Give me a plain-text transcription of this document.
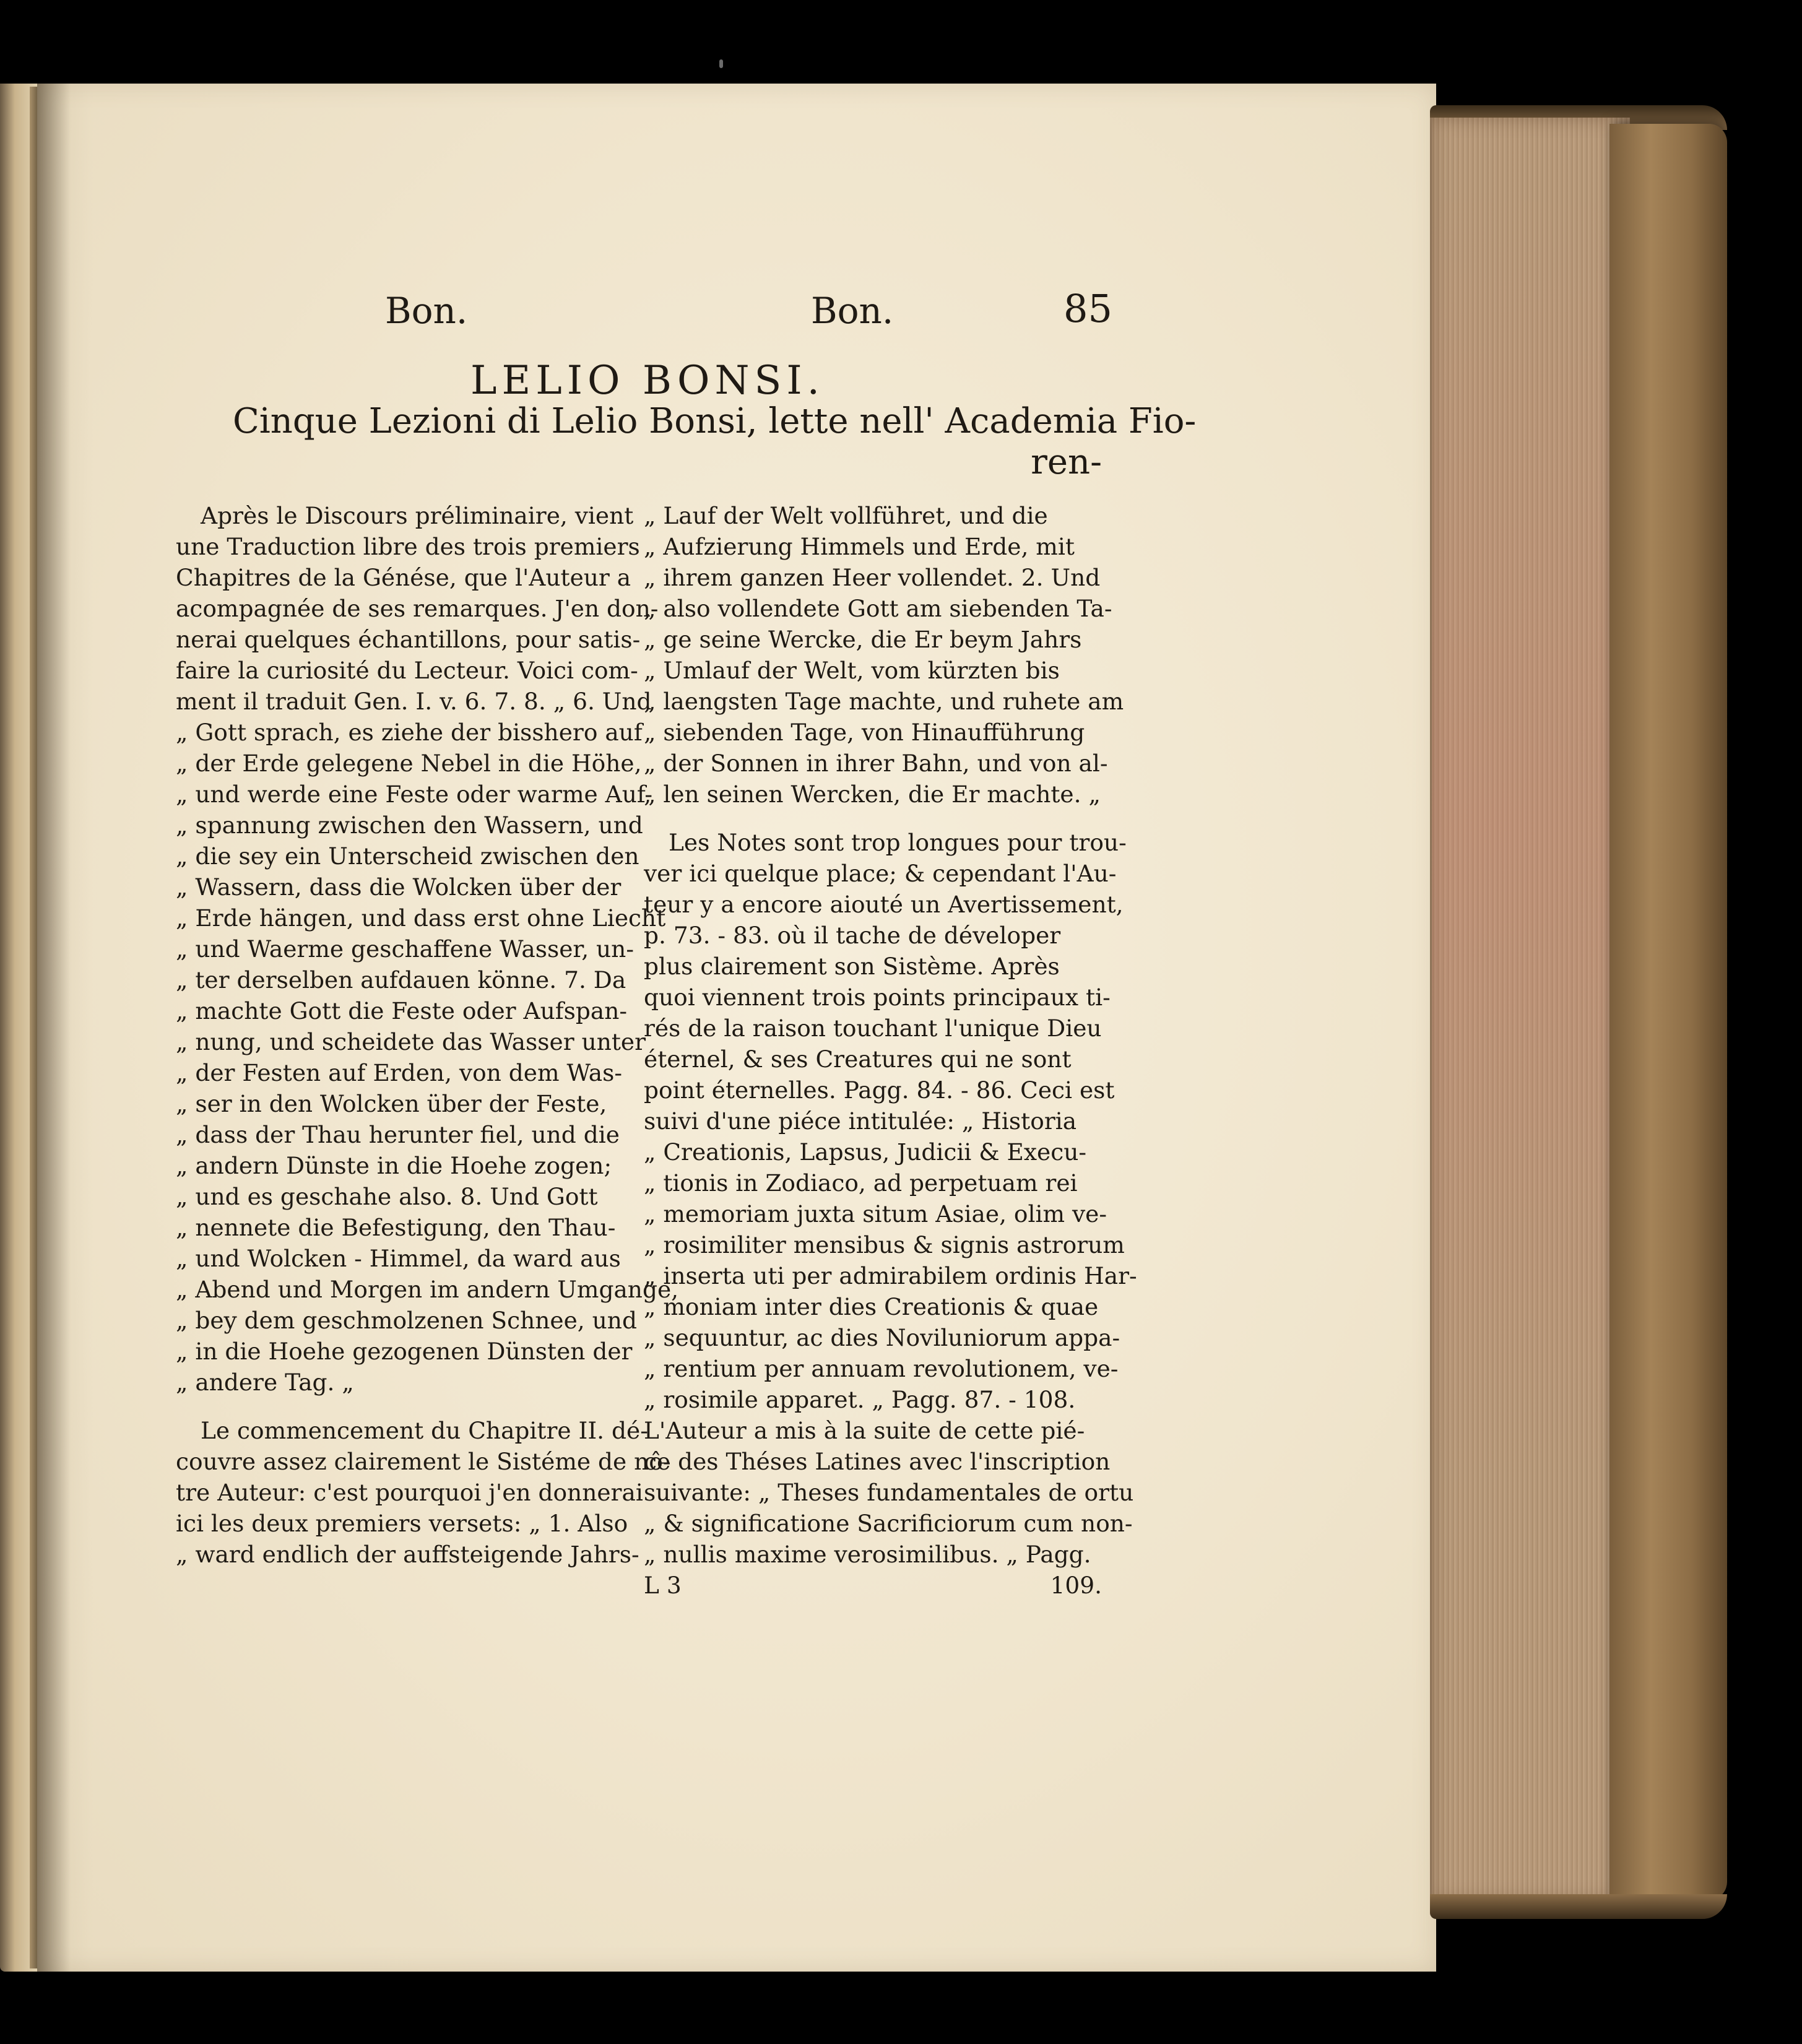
Bon.	Bon.	85
LELIO BONSI.
Cinque Lezioni di Lelio Bonsi, lette nell' Academia Fio-
ren-
Après le Discours préliminaire, vient
une Traduction libre des trois premiers
Chapitres de la Génése, que l'Auteur a
acompagnée de ses remarques. J'en don-
nerai quelques échantillons, pour satis-
faire la curiosité du Lecteur. Voici com-
ment il traduit Gen. I. v. 6. 7. 8. „ 6. Und
„ Gott sprach, es ziehe der bisshero auf
„ der Erde gelegene Nebel in die Höhe,
„ und werde eine Feste oder warme Auf-
„ spannung zwischen den Wassern, und
„ die sey ein Unterscheid zwischen den
„ Wassern, dass die Wolcken über der
„ Erde hängen, und dass erst ohne Liecht
„ und Waerme geschaffene Wasser, un-
„ ter derselben aufdauen könne. 7. Da
„ machte Gott die Feste oder Aufspan-
„ nung, und scheidete das Wasser unter
„ der Festen auf Erden, von dem Was-
„ ser in den Wolcken über der Feste,
„ dass der Thau herunter fiel, und die
„ andern Dünste in die Hoehe zogen;
„ und es geschahe also. 8. Und Gott
„ nennete die Befestigung, den Thau-
„ und Wolcken - Himmel, da ward aus
„ Abend und Morgen im andern Umgange,
„ bey dem geschmolzenen Schnee, und
„ in die Hoehe gezogenen Dünsten der
„ andere Tag. „
Le commencement du Chapitre II. dé-
couvre assez clairement le Sistéme de nô-
tre Auteur: c'est pourquoi j'en donnerai
ici les deux premiers versets: „ 1. Also
„ ward endlich der auffsteigende Jahrs-
„ Lauf der Welt vollführet, und die
„ Aufzierung Himmels und Erde, mit
„ ihrem ganzen Heer vollendet. 2. Und
„ also vollendete Gott am siebenden Ta-
„ ge seine Wercke, die Er beym Jahrs
„ Umlauf der Welt, vom kürzten bis
„ laengsten Tage machte, und ruhete am
„ siebenden Tage, von Hinaufführung
„ der Sonnen in ihrer Bahn, und von al-
„ len seinen Wercken, die Er machte. „
Les Notes sont trop longues pour trou-
ver ici quelque place; & cependant l'Au-
teur y a encore aiouté un Avertissement,
p. 73. - 83. où il tache de déveloper
plus clairement son Sistème. Après
quoi viennent trois points principaux ti-
rés de la raison touchant l'unique Dieu
éternel, & ses Creatures qui ne sont
point éternelles. Pagg. 84. - 86. Ceci est
suivi d'une piéce intitulée: „ Historia
„ Creationis, Lapsus, Judicii & Execu-
„ tionis in Zodiaco, ad perpetuam rei
„ memoriam juxta situm Asiae, olim ve-
„ rosimiliter mensibus & signis astrorum
„ inserta uti per admirabilem ordinis Har-
„ moniam inter dies Creationis & quae
„ sequuntur, ac dies Noviluniorum appa-
„ rentium per annuam revolutionem, ve-
„ rosimile apparet. „ Pagg. 87. - 108.
L'Auteur a mis à la suite de cette pié-
ce des Théses Latines avec l'inscription
suivante: „ Theses fundamentales de ortu
„ & significatione Sacrificiorum cum non-
„ nullis maxime verosimilibus. „ Pagg.
L 3	109.
